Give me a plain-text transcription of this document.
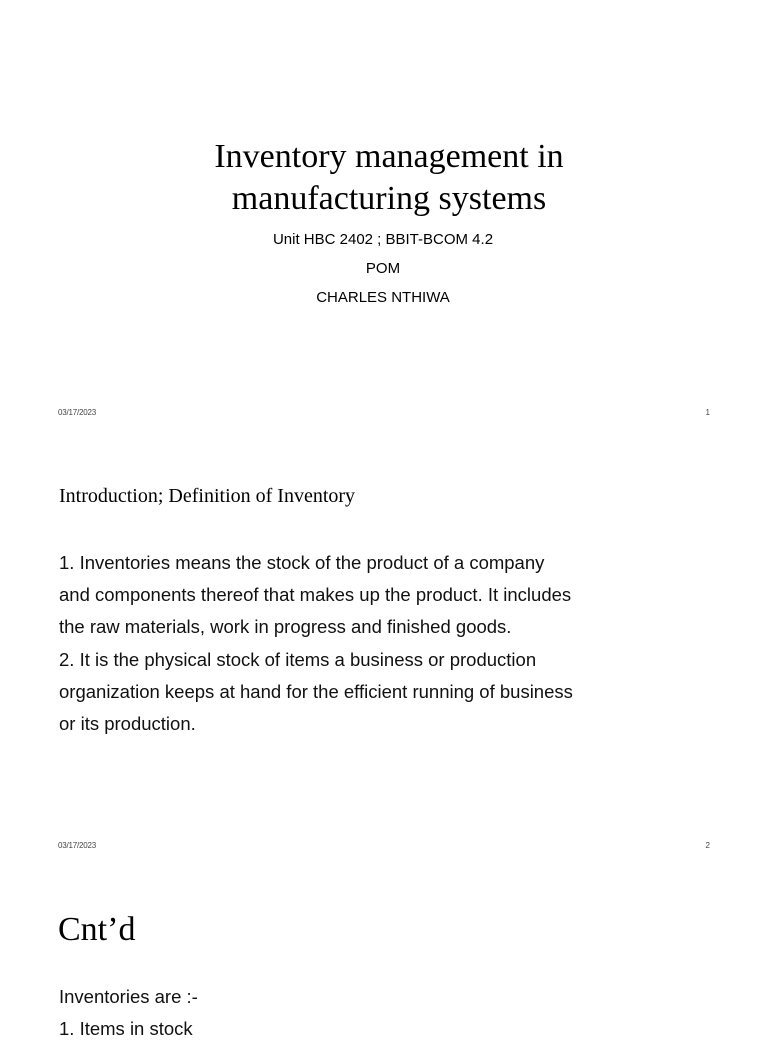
Inventory management in
manufacturing systems
Unit HBC 2402 ; BBIT-BCOM 4.2
POM
CHARLES NTHIWA
03/17/2023	1
Introduction; Definition of Inventory

1. Inventories means the stock of the product of a company and components thereof that makes up the product. It includes the raw materials, work in progress and finished goods.

2. It is the physical stock of items a business or production organization keeps at hand for the efficient running of business or its production.

03/17/2023	2
Cnt’d

Inventories are :-

1. Items in stock
